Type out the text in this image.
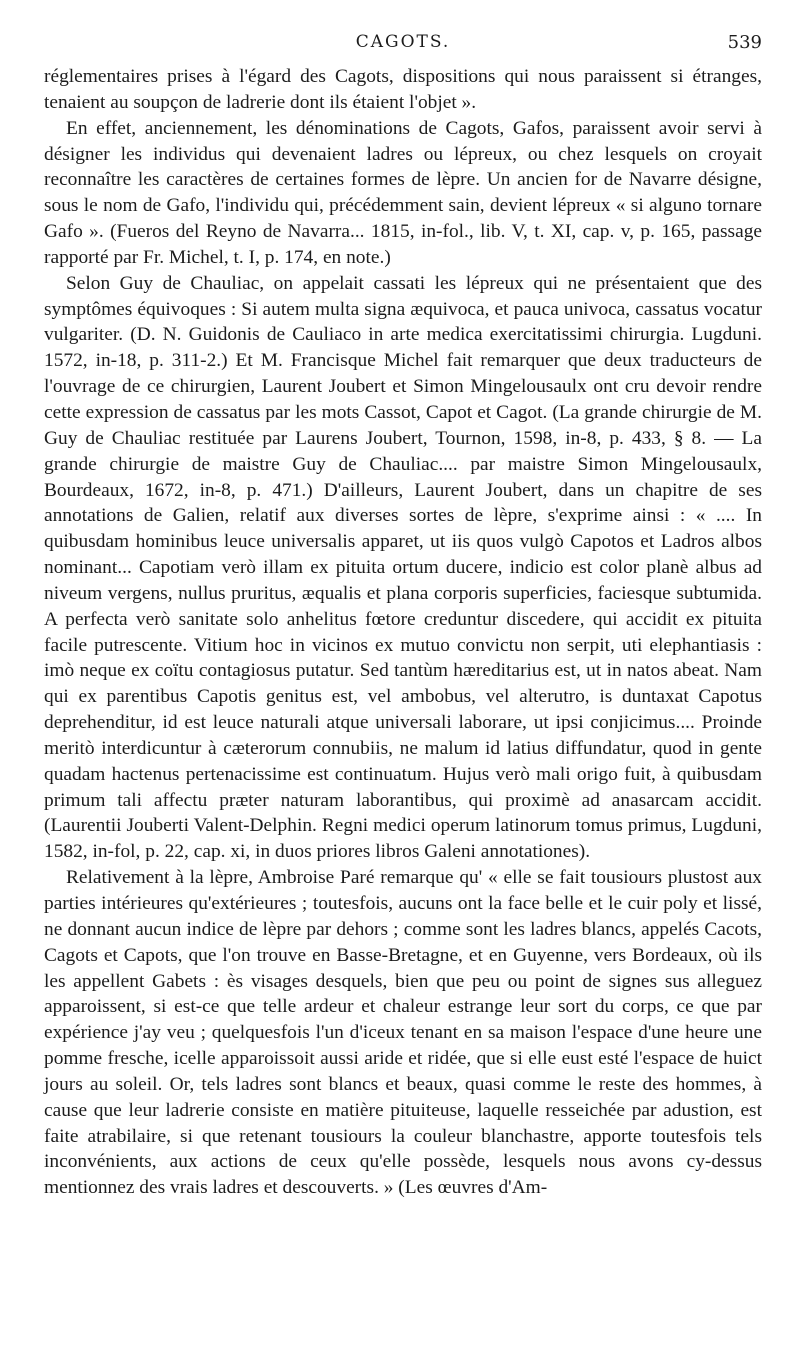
CAGOTS.	539

réglementaires prises à l'égard des Cagots, dispositions qui nous paraissent si étranges, tenaient au soupçon de ladrerie dont ils étaient l'objet ».

En effet, anciennement, les dénominations de Cagots, Gafos, paraissent avoir servi à désigner les individus qui devenaient ladres ou lépreux, ou chez lesquels on croyait reconnaître les caractères de certaines formes de lèpre. Un ancien for de Navarre désigne, sous le nom de Gafo, l'individu qui, précédemment sain, devient lépreux « si alguno tornare Gafo ». (Fueros del Reyno de Navarra... 1815, in-fol., lib. V, t. XI, cap. v, p. 165, passage rapporté par Fr. Michel, t. I, p. 174, en note.)

Selon Guy de Chauliac, on appelait cassati les lépreux qui ne présentaient que des symptômes équivoques : Si autem multa signa æquivoca, et pauca univoca, cassatus vocatur vulgariter. (D. N. Guidonis de Cauliaco in arte medica exercitatissimi chirurgia. Lugduni. 1572, in-18, p. 311-2.) Et M. Francisque Michel fait remarquer que deux traducteurs de l'ouvrage de ce chirurgien, Laurent Joubert et Simon Mingelousaulx ont cru devoir rendre cette expression de cassatus par les mots Cassot, Capot et Cagot. (La grande chirurgie de M. Guy de Chauliac restituée par Laurens Joubert, Tournon, 1598, in-8, p. 433, § 8. — La grande chirurgie de maistre Guy de Chauliac.... par maistre Simon Mingelousaulx, Bourdeaux, 1672, in-8, p. 471.) D'ailleurs, Laurent Joubert, dans un chapitre de ses annotations de Galien, relatif aux diverses sortes de lèpre, s'exprime ainsi : « .... In quibusdam hominibus leuce universalis apparet, ut iis quos vulgò Capotos et Ladros albos nominant... Capotiam verò illam ex pituita ortum ducere, indicio est color planè albus ad niveum vergens, nullus pruritus, æqualis et plana corporis superficies, faciesque subtumida. A perfecta verò sanitate solo anhelitus fœtore creduntur discedere, qui accidit ex pituita facile putrescente. Vitium hoc in vicinos ex mutuo convictu non serpit, uti elephantiasis : imò neque ex coïtu contagiosus putatur. Sed tantùm hæreditarius est, ut in natos abeat. Nam qui ex parentibus Capotis genitus est, vel ambobus, vel alterutro, is duntaxat Capotus deprehenditur, id est leuce naturali atque universali laborare, ut ipsi conjicimus.... Proinde meritò interdicuntur à cæterorum connubiis, ne malum id latius diffundatur, quod in gente quadam hactenus pertenacissime est continuatum. Hujus verò mali origo fuit, à quibusdam primum tali affectu præter naturam laborantibus, qui proximè ad anasarcam accidit. (Laurentii Jouberti Valent-Delphin. Regni medici operum latinorum tomus primus, Lugduni, 1582, in-fol, p. 22, cap. xi, in duos priores libros Galeni annotationes).

Relativement à la lèpre, Ambroise Paré remarque qu' « elle se fait tousiours plustost aux parties intérieures qu'extérieures ; toutesfois, aucuns ont la face belle et le cuir poly et lissé, ne donnant aucun indice de lèpre par dehors ; comme sont les ladres blancs, appelés Cacots, Cagots et Capots, que l'on trouve en Basse-Bretagne, et en Guyenne, vers Bordeaux, où ils les appellent Gabets : ès visages desquels, bien que peu ou point de signes sus alleguez apparoissent, si est-ce que telle ardeur et chaleur estrange leur sort du corps, ce que par expérience j'ay veu ; quelquesfois l'un d'iceux tenant en sa maison l'espace d'une heure une pomme fresche, icelle apparoissoit aussi aride et ridée, que si elle eust esté l'espace de huict jours au soleil. Or, tels ladres sont blancs et beaux, quasi comme le reste des hommes, à cause que leur ladrerie consiste en matière pituiteuse, laquelle resseichée par adustion, est faite atrabilaire, si que retenant tousiours la couleur blanchastre, apporte toutesfois tels inconvénients, aux actions de ceux qu'elle possède, lesquels nous avons cy-dessus mentionnez des vrais ladres et descouverts. » (Les œuvres d'Am-
